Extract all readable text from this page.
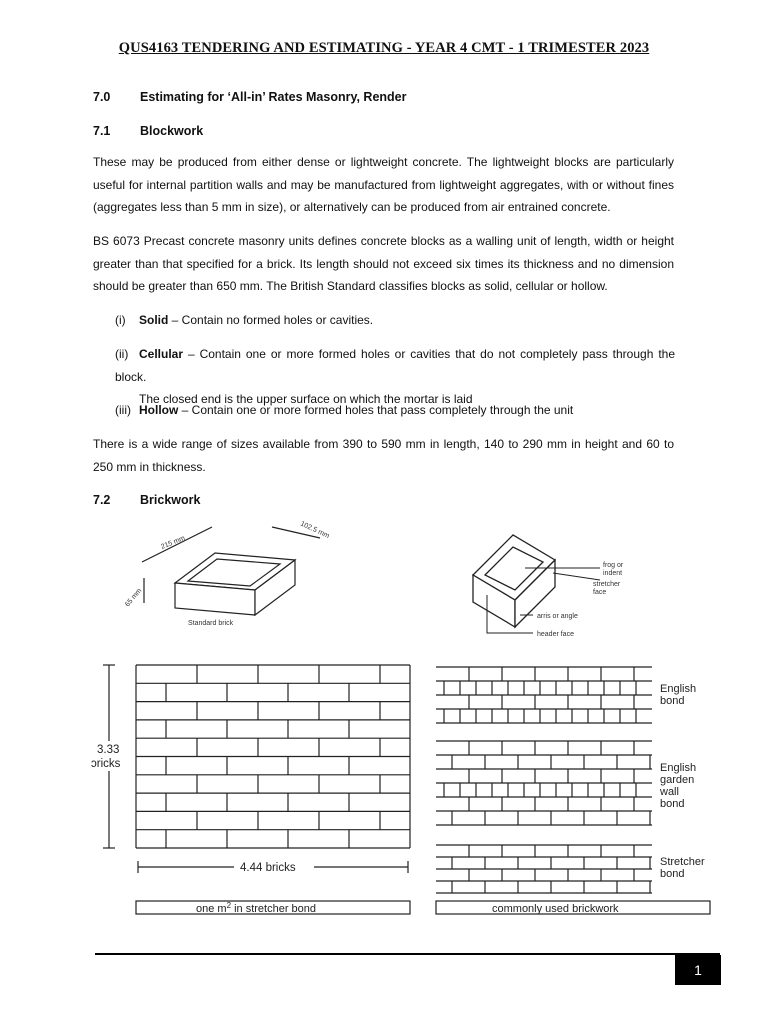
QUS4163 TENDERING AND ESTIMATING - YEAR 4 CMT - 1 TRIMESTER 2023
7.0 Estimating for ‘All-in’ Rates Masonry, Render
7.1 Blockwork
These may be produced from either dense or lightweight concrete. The lightweight blocks are particularly useful for internal partition walls and may be manufactured from lightweight aggregates, with or without fines (aggregates less than 5 mm in size), or alternatively can be produced from air entrained concrete.
BS 6073 Precast concrete masonry units defines concrete blocks as a walling unit of length, width or height greater than that specified for a brick. Its length should not exceed six times its thickness and no dimension should be greater than 650 mm. The British Standard classifies blocks as solid, cellular or hollow.
(i) Solid – Contain no formed holes or cavities.
(ii) Cellular – Contain one or more formed holes or cavities that do not completely pass through the block.
The closed end is the upper surface on which the mortar is laid
(iii) Hollow – Contain one or more formed holes that pass completely through the unit
There is a wide range of sizes available from 390 to 590 mm in length, 140 to 290 mm in height and 60 to 250 mm in thickness.
7.2 Brickwork
215 mm
102.5 mm
65 mm
Standard brick
frog or
indent
stretcher
face
arris or angle
header face
3.33
ɔricks
4.44 bricks
one $m^2$ in stretcher bond
English
bond
English
garden
wall
bond
Stretcher
bond
commonly used brickwork
1
